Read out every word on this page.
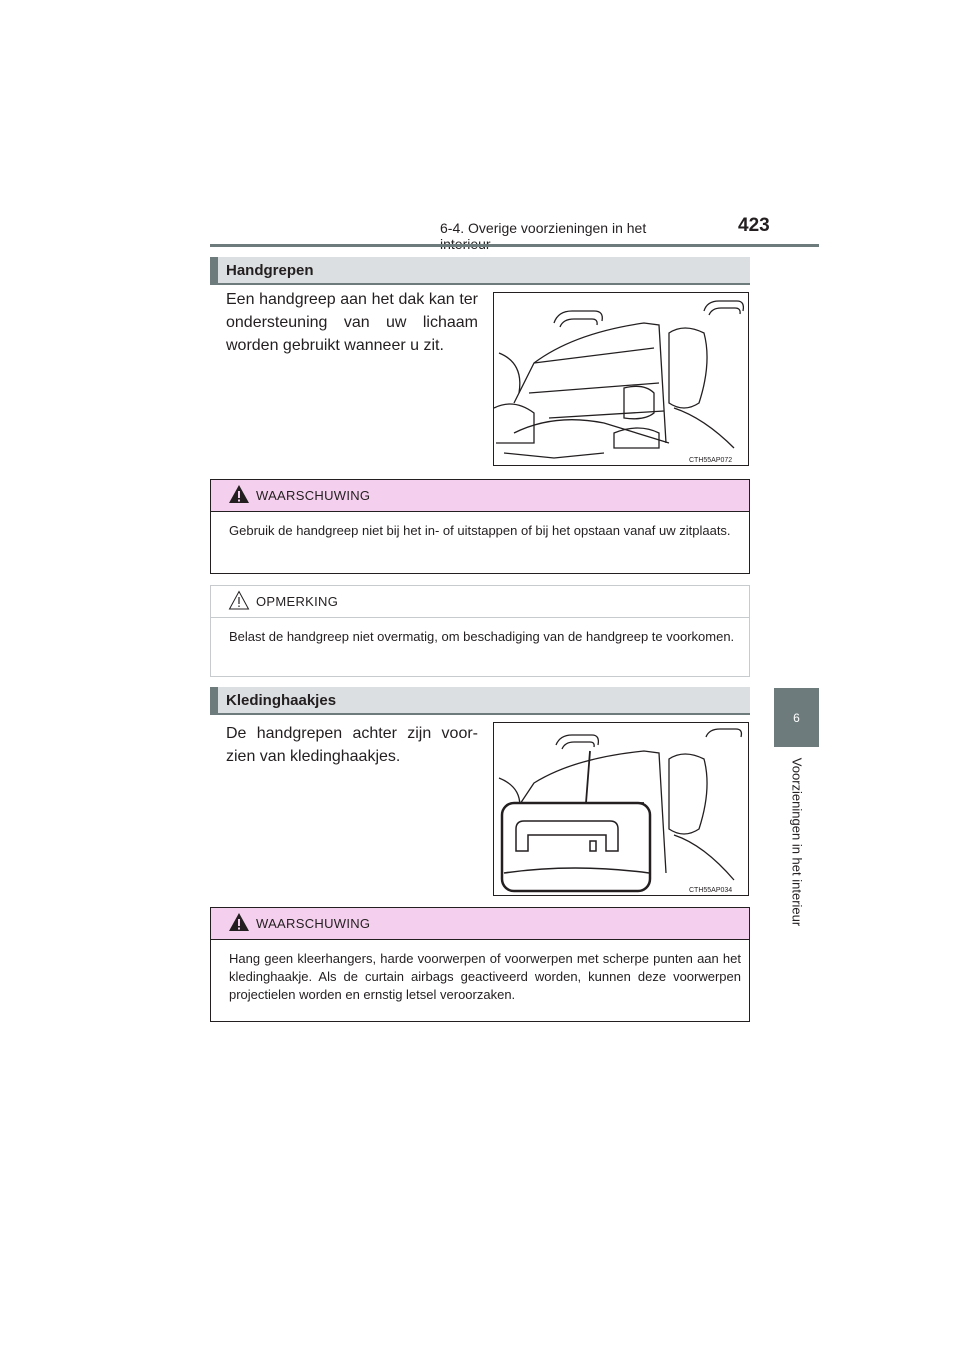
6-4. Overige voorzieningen in het	423
6
Voorzieningen in het interieur
Handgrepen
Een handgreep aan het dak kan ter ondersteuning van uw lichaam worden gebruikt wanneer u zit.
CTH55AP072
WAARSCHUWING
Gebruik de handgreep niet bij het in- of uitstappen of bij het opstaan vanaf uw zitplaats.
OPMERKING
Belast de handgreep niet overmatig, om beschadiging van de handgreep te voorkomen.
Kledinghaakjes
De handgrepen achter zijn voor-zien van kledinghaakjes.
CTH55AP034
WAARSCHUWING
Hang geen kleerhangers, harde voorwerpen of voorwerpen met scherpe punten aan het kledinghaakje. Als de curtain airbags geactiveerd worden, kunnen deze voorwerpen projectielen worden en ernstig letsel veroorzaken.
